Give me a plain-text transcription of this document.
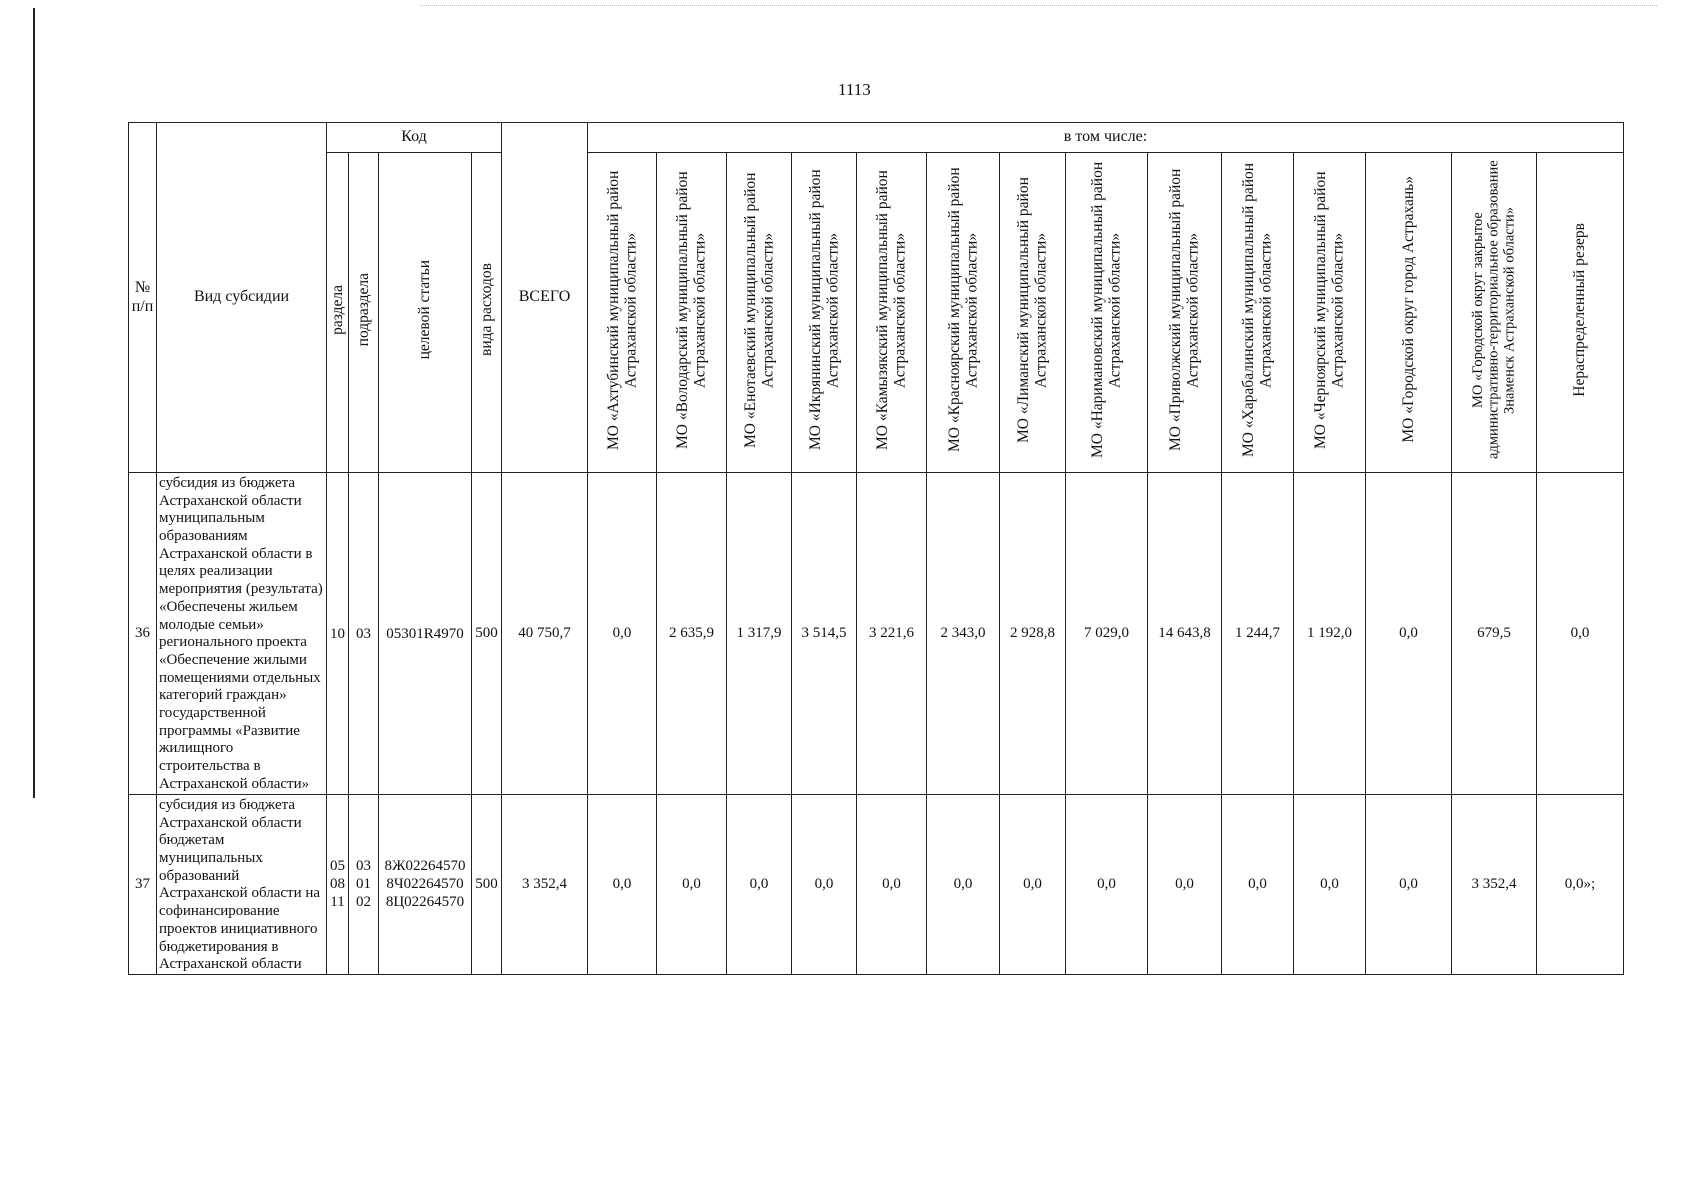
1113
№ п/п	Вид субсидии	Код				ВСЕГО	в том числе:													
		раздела	подраздела	целевой статьи	вида расходов		МО «Ахтубинский муниципальный район Астраханской области»	МО «Володарский муниципальный район Астраханской области»	МО «Енотаевский муниципальный район Астраханской области»	МО «Икрянинский муниципальный район Астраханской области»	МО «Камызякский муниципальный район Астраханской области»	МО «Красноярский муниципальный район Астраханской области»	МО «Лиманский муниципальный район Астраханской области»	МО «Наримановский муниципальный район Астраханской области»	МО «Приволжский муниципальный район Астраханской области»	МО «Харабалинский муниципальный район Астраханской области»	МО «Черноярский муниципальный район Астраханской области»	МО «Городской округ город Астрахань»	МО «Городской округ закрытое административно-территориальное образование Знаменск Астраханской области»	Нераспределенный резерв

36	субсидия из бюджета Астраханской области муниципальным образованиям Астраханской области в целях реализации мероприятия (результата) «Обеспечены жильем молодые семьи» регионального проекта «Обеспечение жилыми помещениями отдельных категорий граждан» государственной программы «Развитие жилищного строительства в Астраханской области»	10	03	05301R4970	500	40 750,7	0,0	2 635,9	1 317,9	3 514,5	3 221,6	2 343,0	2 928,8	7 029,0	14 643,8	1 244,7	1 192,0	0,0	679,5	0,0
37	субсидия из бюджета Астраханской области бюджетам муниципальных образований Астраханской области на софинансирование проектов инициативного бюджетирования в Астраханской области	05
08
11	03
01
02	8Ж02264570
8Ч02264570
8Ц02264570	500	3 352,4	0,0	0,0	0,0	0,0	0,0	0,0	0,0	0,0	0,0	0,0	0,0	0,0	3 352,4	0,0»;
